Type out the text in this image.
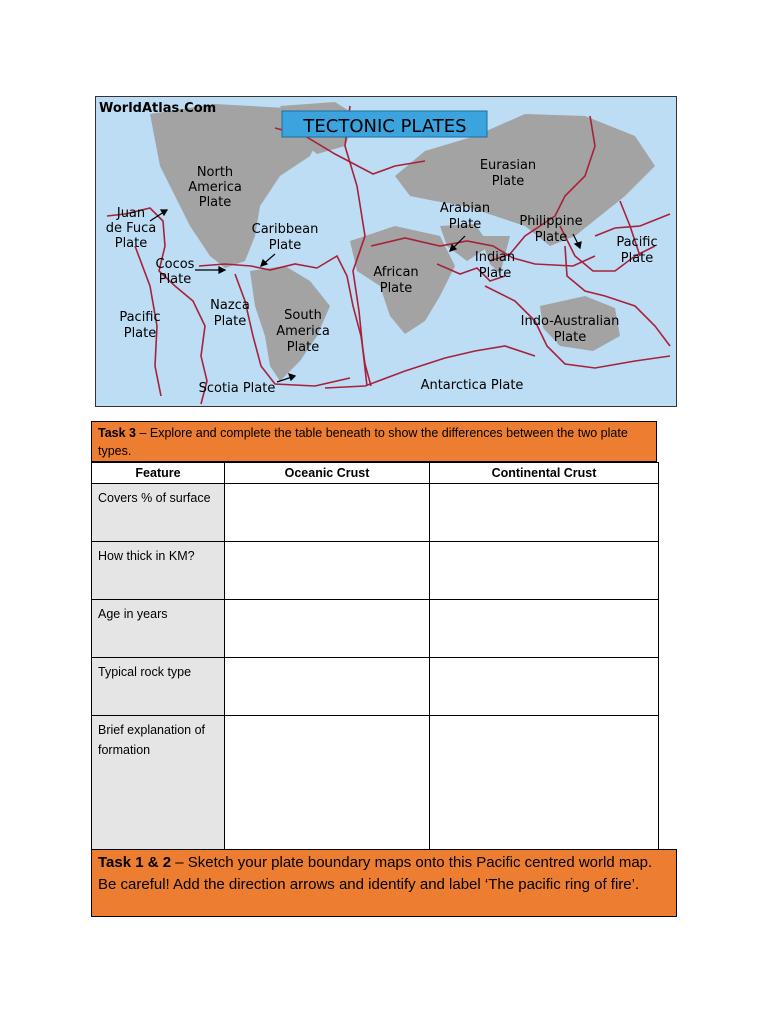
WorldAtlas.Com
TECTONIC PLATES
North America Plate
Juan de Fuca Plate
Caribbean Plate
Cocos Plate
Pacific Plate
Nazca Plate	South America Plate
Scotia Plate
Eurasian Plate
Arabian Plate	Philippine Plate	Pacific Plate
African Plate
Indian Plate
Indo-Australian Plate
Antarctica Plate
Task 3 – Explore and complete the table beneath to show the differences between the two plate types.
Feature	Oceanic Crust	Continental Crust
Covers % of surface		
How thick in KM?		
Age in years		
Typical rock type		
Brief explanation of formation		
Task 1 & 2 – Sketch your plate boundary maps onto this Pacific centred world map. Be careful! Add the direction arrows and identify and label ‘The pacific ring of fire’.
